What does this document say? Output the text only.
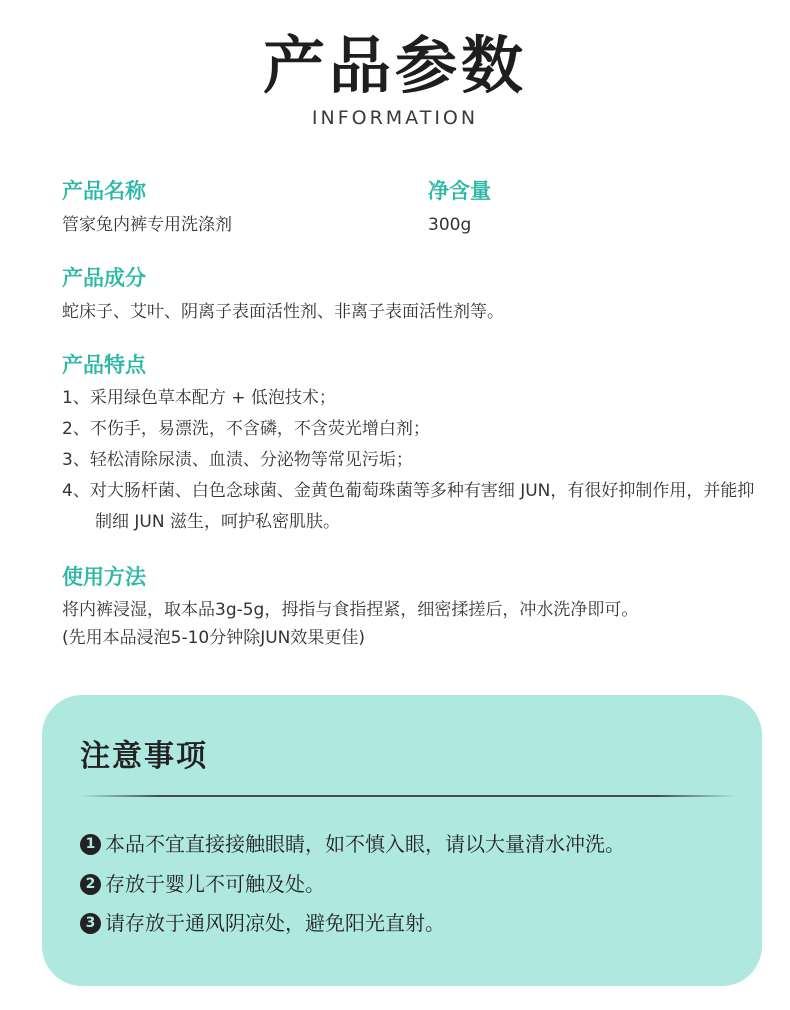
产品参数
INFORMATION
产品名称
管家兔内裤专用洗涤剂
净含量
300g
产品成分
蛇床子、艾叶、阴离子表面活性剂、非离子表面活性剂等。
产品特点
1、采用绿色草本配方 + 低泡技术；
2、不伤手，易漂洗，不含磷，不含荧光增白剂；
3、轻松清除尿渍、血渍、分泌物等常见污垢；
4、对大肠杆菌、白色念球菌、金黄色葡萄珠菌等多种有害细 JUN，有很好抑制作用，并能抑制细 JUN 滋生，呵护私密肌肤。
使用方法
将内裤浸湿，取本品3g-5g，拇指与食指捏紧，细密揉搓后，冲水洗净即可。
(先用本品浸泡5-10分钟除JUN效果更佳)
注意事项
1 本品不宜直接接触眼睛，如不慎入眼，请以大量清水冲洗。
2 存放于婴儿不可触及处。
3 请存放于通风阴凉处，避免阳光直射。
